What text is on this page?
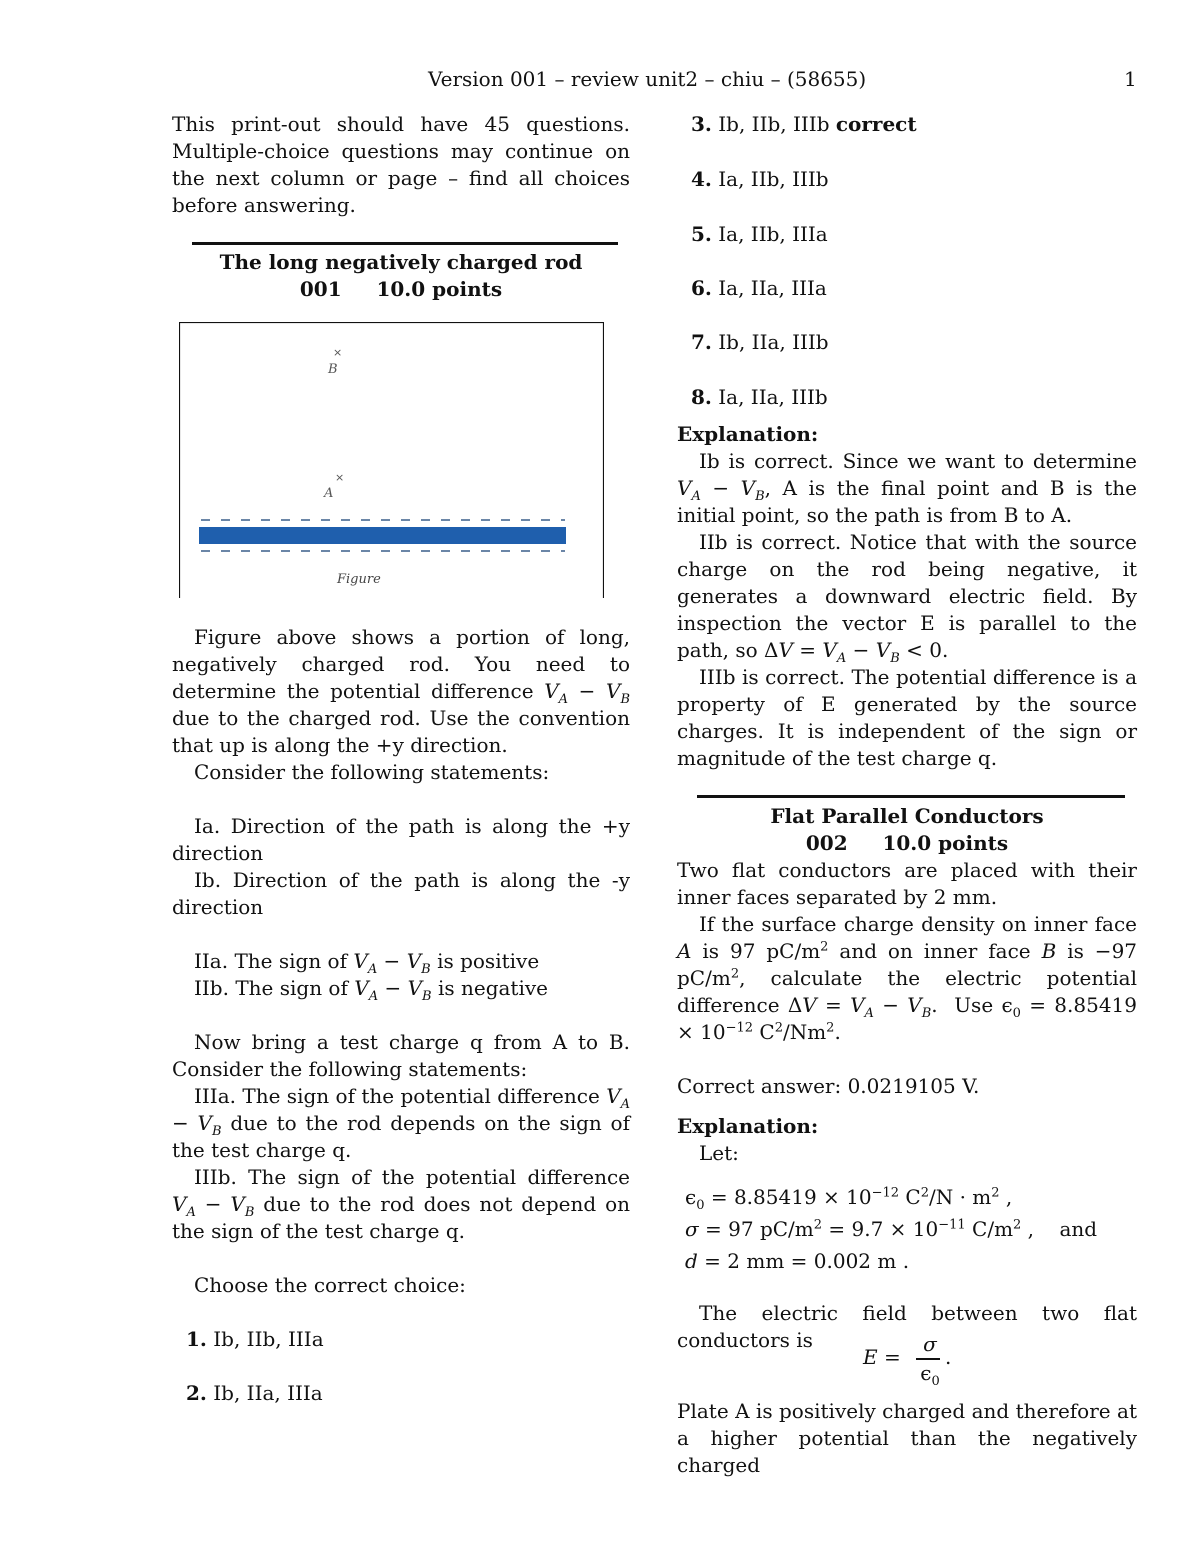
Version 001 – review unit2 – chiu – (58655)	1

This print-out should have 45 questions. Multiple-choice questions may continue on the next column or page – find all choices before answering.

The long negatively charged rod
001 10.0 points
×
B
×
A
Figure

Figure above shows a portion of long, negatively charged rod. You need to determine the potential difference $V_A - V_B$ due to the charged rod. Use the convention that up is along the +y direction.

Consider the following statements:

Ia. Direction of the path is along the +y direction

Ib. Direction of the path is along the -y direction

IIa. The sign of $V_A - V_B$ is positive

IIb. The sign of $V_A - V_B$ is negative

Now bring a test charge q from A to B. Consider the following statements:

IIIa. The sign of the potential difference $V_A - V_B$ due to the rod depends on the sign of the test charge q.

IIIb. The sign of the potential difference $V_A - V_B$ due to the rod does not depend on the sign of the test charge q.

Choose the correct choice:

1. Ib, IIb, IIIa
2. Ib, IIa, IIIa
3. Ib, IIb, IIIb correct
4. Ia, IIb, IIIb
5. Ia, IIb, IIIa
6. Ia, IIa, IIIa
7. Ib, IIa, IIIb
8. Ia, IIa, IIIb

Explanation:

Ib is correct. Since we want to determine $V_A - V_B$, A is the final point and B is the initial point, so the path is from B to A.

IIb is correct. Notice that with the source charge on the rod being negative, it generates a downward electric field. By inspection the vector E is parallel to the path, so $\Delta V = V_A - V_B < 0$.

IIIb is correct. The potential difference is a property of E generated by the source charges. It is independent of the sign or magnitude of the test charge q.

Flat Parallel Conductors
002 10.0 points

Two flat conductors are placed with their inner faces separated by 2 mm.

If the surface charge density on inner face A is 97 $pC/m^2$ and on inner face B is −97 $pC/m^2$, calculate the electric potential difference $\Delta V = V_A - V_B$.  Use $\epsilon_0 = 8.85419 \times 10^{-12}$ $C^2/Nm^2$.

Correct answer: 0.0219105 V.

Explanation:

Let:

$\epsilon_0 = 8.85419 \times 10^{-12}$ $C^2/N \cdot m^2$ ,
σ = 97 $pC/m^2 = 9.7 \times 10^{-11}$ $C/m^2$ ,    and
d = 2 mm = 0.002 m .

The electric field between two flat conductors is

E =
σ
$\epsilon_0$
.

Plate A is positively charged and therefore at a higher potential than the negatively charged
